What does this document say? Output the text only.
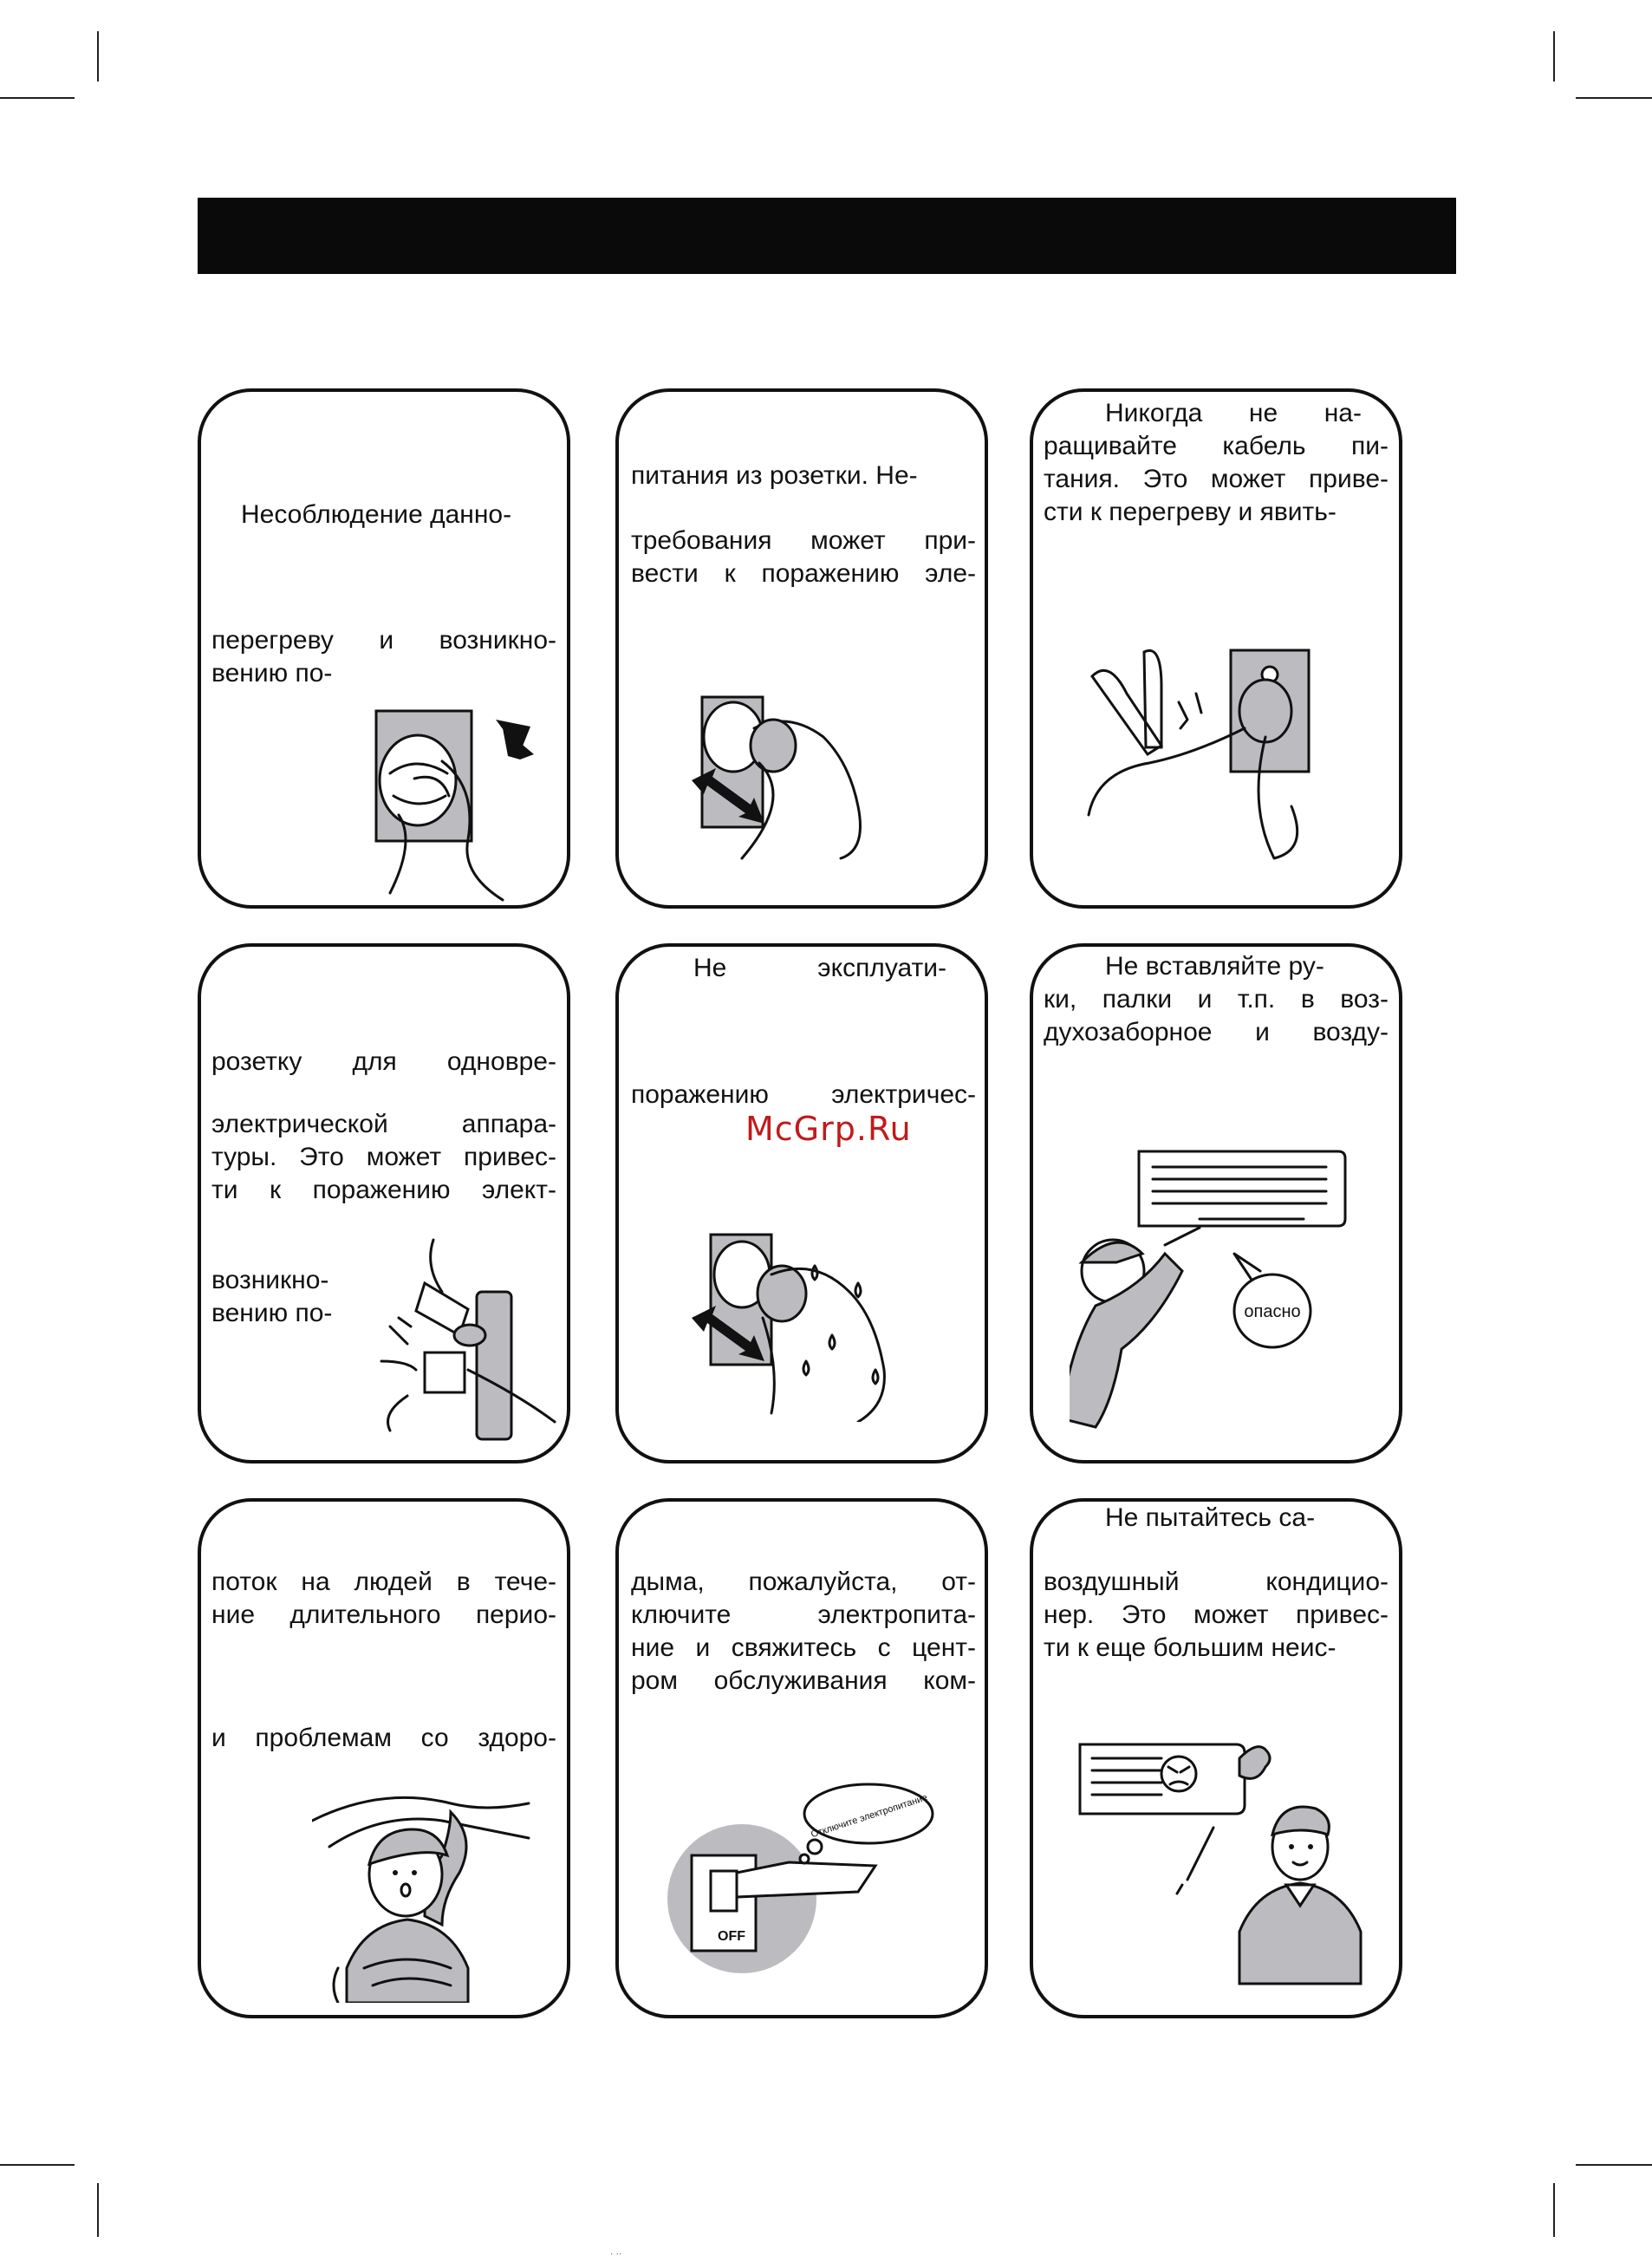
Несоблюдение данно-
перегреву и возникно-
вению по-
питания из розетки. Не-
требования может при-
вести к поражению эле-
Никогда не на-
ращивайте кабель пи-
тания. Это может приве-
сти к перегреву и явить-
розетку для одновре-
электрической аппара-
туры. Это может привес-
ти к поражению элект-
возникно-
вению по-
Не эксплуати-
поражению электричес-
Не вставляйте ру-
ки, палки и т.п. в воз-
духозаборное и возду-
опасно
поток на людей в тече-
ние длительного перио-
и проблемам со здоро-
дыма, пожалуйста, от-
ключите электропита-
ние и свяжитесь с цент-
ром обслуживания ком-
OFF
Отключите электропитание
Не пытайтесь са-
воздушный кондицио-
нер. Это может привес-
ти к еще большим неис-
McGrp.Ru
∙ ∙∙
